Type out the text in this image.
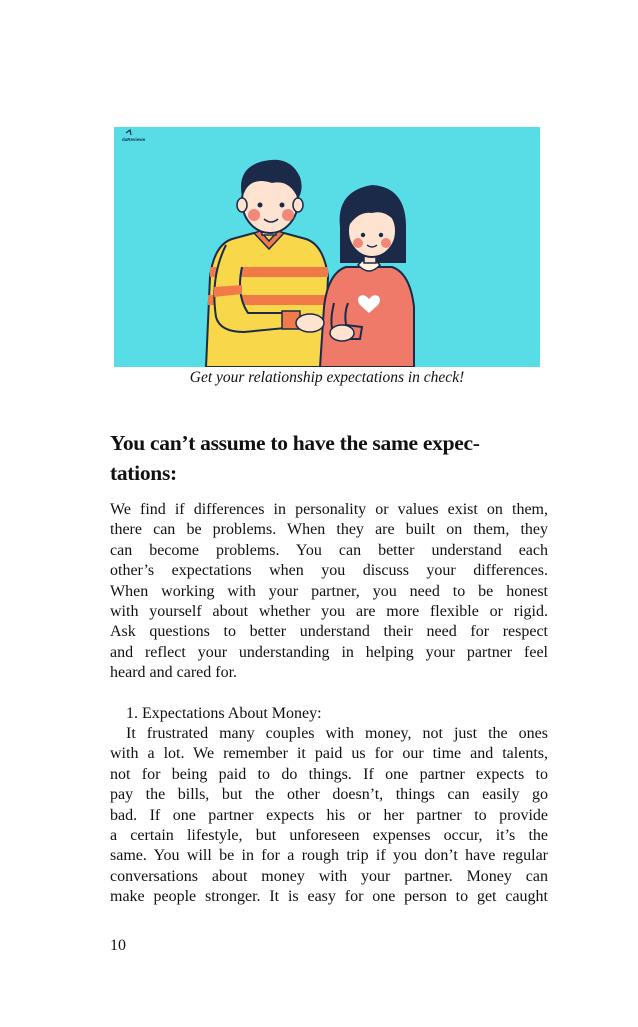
daReviews
Get your relationship expectations in check!
You can’t assume to have the same expec-
tations:
We find if differences in personality or values exist on them,
there can be problems. When they are built on them, they
can become problems. You can better understand each
other’s expectations when you discuss your differences.
When working with your partner, you need to be honest
with yourself about whether you are more flexible or rigid.
Ask questions to better understand their need for respect
and reflect your understanding in helping your partner feel
heard and cared for.
1. Expectations About Money:
It frustrated many couples with money, not just the ones
with a lot. We remember it paid us for our time and talents,
not for being paid to do things. If one partner expects to
pay the bills, but the other doesn’t, things can easily go
bad. If one partner expects his or her partner to provide
a certain lifestyle, but unforeseen expenses occur, it’s the
same. You will be in for a rough trip if you don’t have regular
conversations about money with your partner. Money can
make people stronger. It is easy for one person to get caught
10
